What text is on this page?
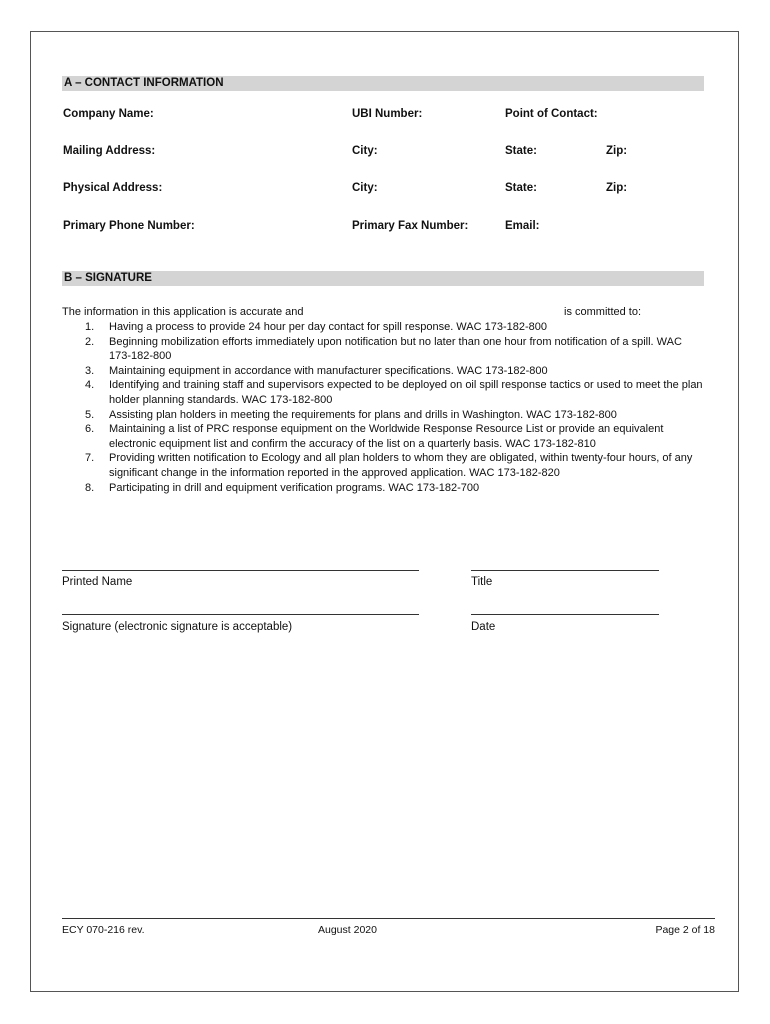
A – CONTACT INFORMATION
Company Name:	UBI Number:	Point of Contact:
Mailing Address:	City:	State:	Zip:
Physical Address:	City:	State:	Zip:
Primary Phone Number:	Primary Fax Number:	Email:
B – SIGNATURE
The information in this application is accurate and	is committed to:
1. Having a process to provide 24 hour per day contact for spill response. WAC 173-182-800
2. Beginning mobilization efforts immediately upon notification but no later than one hour from notification of a spill. WAC 173-182-800
3. Maintaining equipment in accordance with manufacturer specifications. WAC 173-182-800
4. Identifying and training staff and supervisors expected to be deployed on oil spill response tactics or used to meet the plan holder planning standards. WAC 173-182-800
5. Assisting plan holders in meeting the requirements for plans and drills in Washington. WAC 173-182-800
6. Maintaining a list of PRC response equipment on the Worldwide Response Resource List or provide an equivalent electronic equipment list and confirm the accuracy of the list on a quarterly basis. WAC 173-182-810
7. Providing written notification to Ecology and all plan holders to whom they are obligated, within twenty-four hours, of any significant change in the information reported in the approved application. WAC 173-182-820
8. Participating in drill and equipment verification programs. WAC 173-182-700
Printed Name	Title
Signature (electronic signature is acceptable)	Date
ECY 070-216 rev.	August 2020	Page 2 of 18
